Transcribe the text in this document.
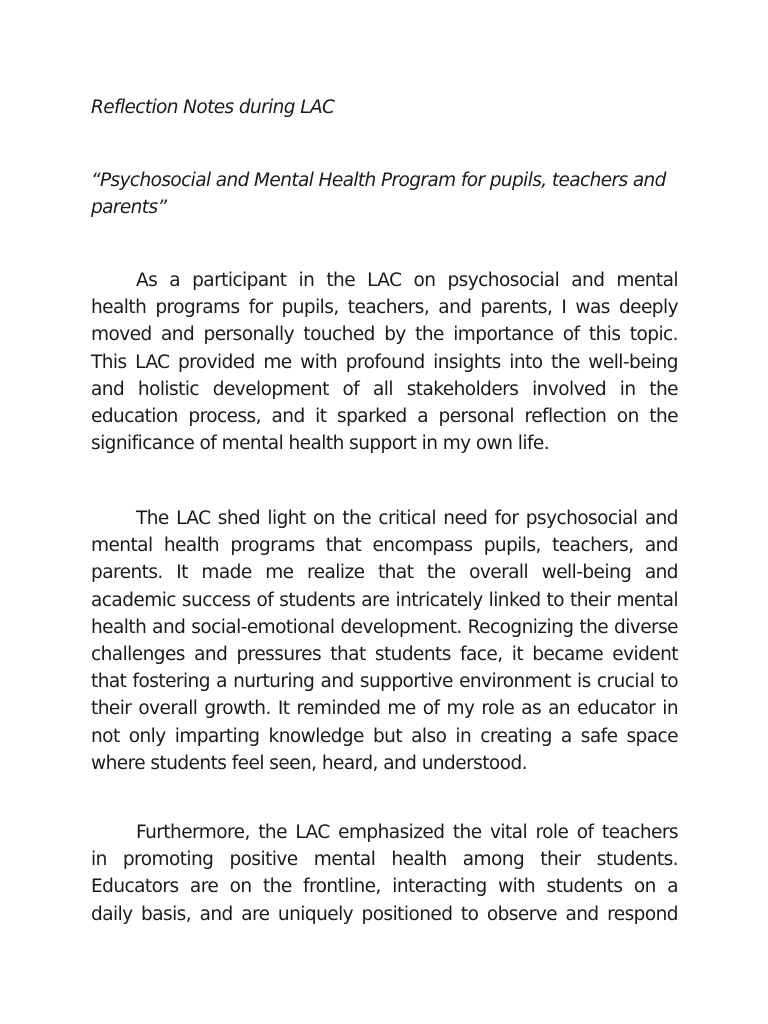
Reflection Notes during LAC
“Psychosocial and Mental Health Program for pupils, teachers and
parents”
As a participant in the LAC on psychosocial and mental
health programs for pupils, teachers, and parents, I was deeply
moved and personally touched by the importance of this topic.
This LAC provided me with profound insights into the well-being
and holistic development of all stakeholders involved in the
education process, and it sparked a personal reflection on the
significance of mental health support in my own life.
The LAC shed light on the critical need for psychosocial and
mental health programs that encompass pupils, teachers, and
parents. It made me realize that the overall well-being and
academic success of students are intricately linked to their mental
health and social-emotional development. Recognizing the diverse
challenges and pressures that students face, it became evident
that fostering a nurturing and supportive environment is crucial to
their overall growth. It reminded me of my role as an educator in
not only imparting knowledge but also in creating a safe space
where students feel seen, heard, and understood.
Furthermore, the LAC emphasized the vital role of teachers
in promoting positive mental health among their students.
Educators are on the frontline, interacting with students on a
daily basis, and are uniquely positioned to observe and respond
